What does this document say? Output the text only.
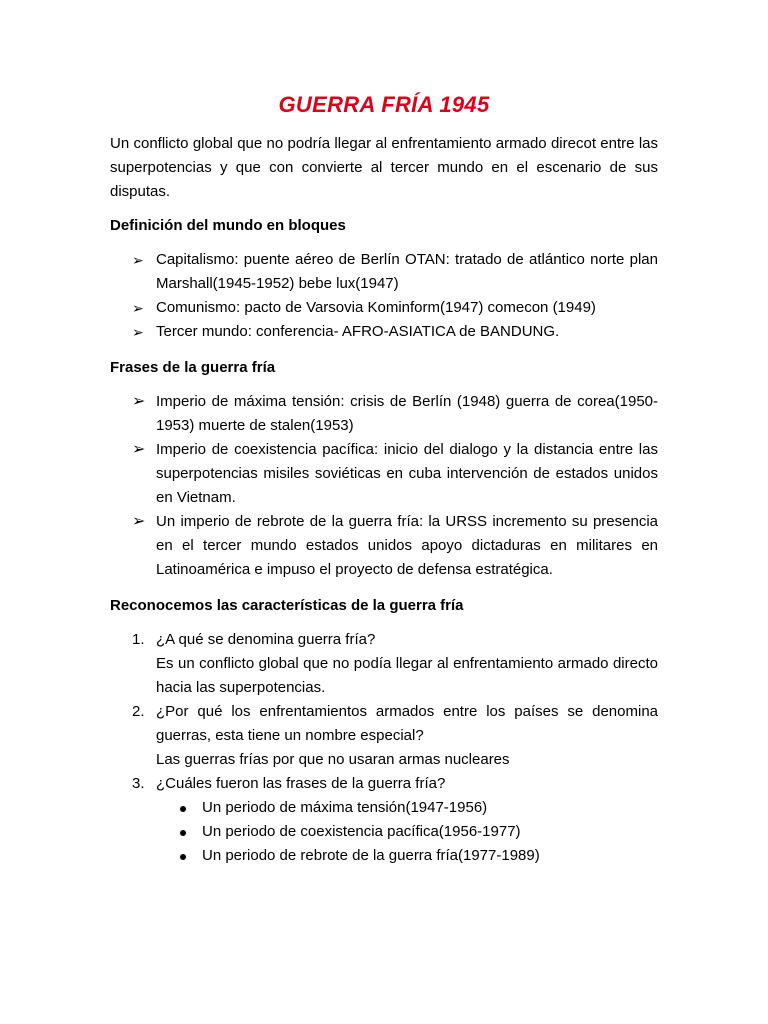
GUERRA FRÍA 1945

Un conflicto global que no podría llegar al enfrentamiento armado direcot entre las superpotencias y que con convierte al tercer mundo en el escenario de sus disputas.

Definición del mundo en bloques

➢ Capitalismo: puente aéreo de Berlín OTAN: tratado de atlántico norte plan Marshall(1945-1952) bebe lux(1947)
➢ Comunismo: pacto de Varsovia Kominform(1947) comecon (1949)
➢ Tercer mundo: conferencia- AFRO-ASIATICA de BANDUNG.

Frases de la guerra fría

➢ Imperio de máxima tensión: crisis de Berlín (1948) guerra de corea(1950-1953) muerte de stalen(1953)
➢ Imperio de coexistencia pacífica: inicio del dialogo y la distancia entre las superpotencias misiles soviéticas en cuba intervención de estados unidos en Vietnam.
➢ Un imperio de rebrote de la guerra fría: la URSS incremento su presencia en el tercer mundo estados unidos apoyo dictaduras en militares en Latinoamérica e impuso el proyecto de defensa estratégica.

Reconocemos las características de la guerra fría

1. ¿A qué se denomina guerra fría?
Es un conflicto global que no podía llegar al enfrentamiento armado directo hacia las superpotencias.
2. ¿Por qué los enfrentamientos armados entre los países se denomina guerras, esta tiene un nombre especial?
Las guerras frías por que no usaran armas nucleares
3. ¿Cuáles fueron las frases de la guerra fría?
Un periodo de máxima tensión(1947-1956)
Un periodo de coexistencia pacífica(1956-1977)
Un periodo de rebrote de la guerra fría(1977-1989)
